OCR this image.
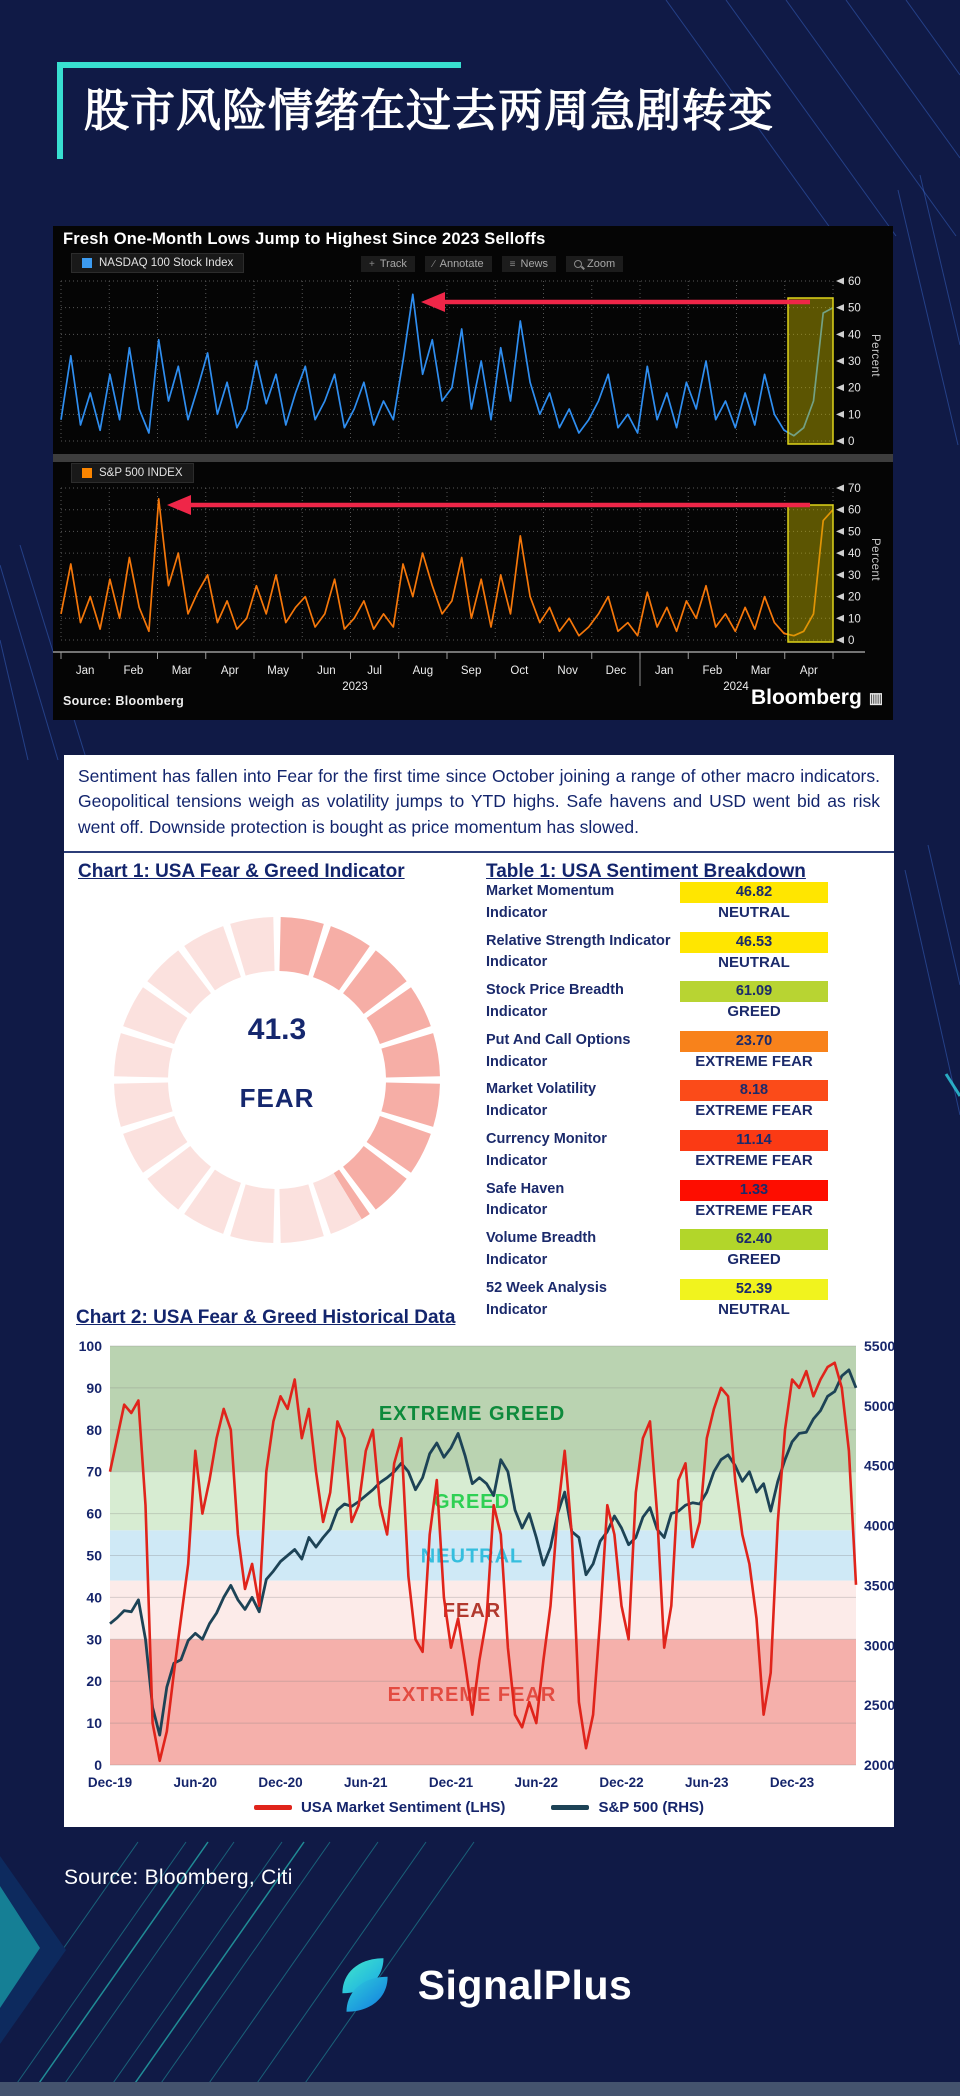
股市风险情绪在过去两周急剧转变
Fresh One-Month Lows Jump to Highest Since 2023 Selloffs
+ Track	∕ Annotate	≡ News	Zoom
NASDAQ 100 Stock Index
S&P 500 INDEX
0
10
20
30
40
50
60
0
10
20
30
40
50
60
70
Jan	Feb Mar	Apr May Jun	Jul	Aug Sep	Oct	Nov Dec	Jan	Feb Mar	Apr
2023	2024
Percent
Percent
Source: Bloomberg	Bloomberg ▥

Sentiment has fallen into Fear for the first time since October joining a range of other macro indicators. Geopolitical tensions weigh as volatility jumps to YTD highs. Safe havens and USD went bid as risk went off. Downside protection is bought as price momentum has slowed.

Chart 1: USA Fear & Greed Indicator	Table 1: USA Sentiment Breakdown
41.3
FEAR
Market Momentum
Indicator
46.82
NEUTRAL
Relative Strength Indicator
Indicator
46.53
NEUTRAL
Stock Price Breadth
Indicator
61.09
GREED
Put And Call Options
Indicator
23.70
EXTREME FEAR
Market Volatility
Indicator
8.18
EXTREME FEAR
Currency Monitor
Indicator
11.14
EXTREME FEAR
Safe Haven
Indicator
1.33
EXTREME FEAR
Volume Breadth
Indicator
62.40
GREED
52 Week Analysis
Indicator
52.39
NEUTRAL
Chart 2: USA Fear & Greed Historical Data
0
10
20
30
40
50
60
70
80
90
100
2000
2500
3000
3500
4000
4500
5000
5500
EXTREME GREED
GREED
NEUTRAL
FEAR
EXTREME FEAR
Dec-19	Jun-20	Dec-20	Jun-21	Dec-21	Jun-22	Dec-22	Jun-23	Dec-23
USA Market Sentiment (LHS)	S&P 500 (RHS)
Source: Bloomberg, Citi
SignalPlus
